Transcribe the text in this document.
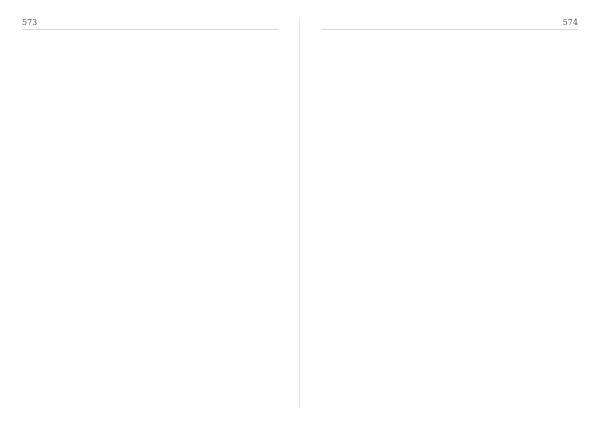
573	574
